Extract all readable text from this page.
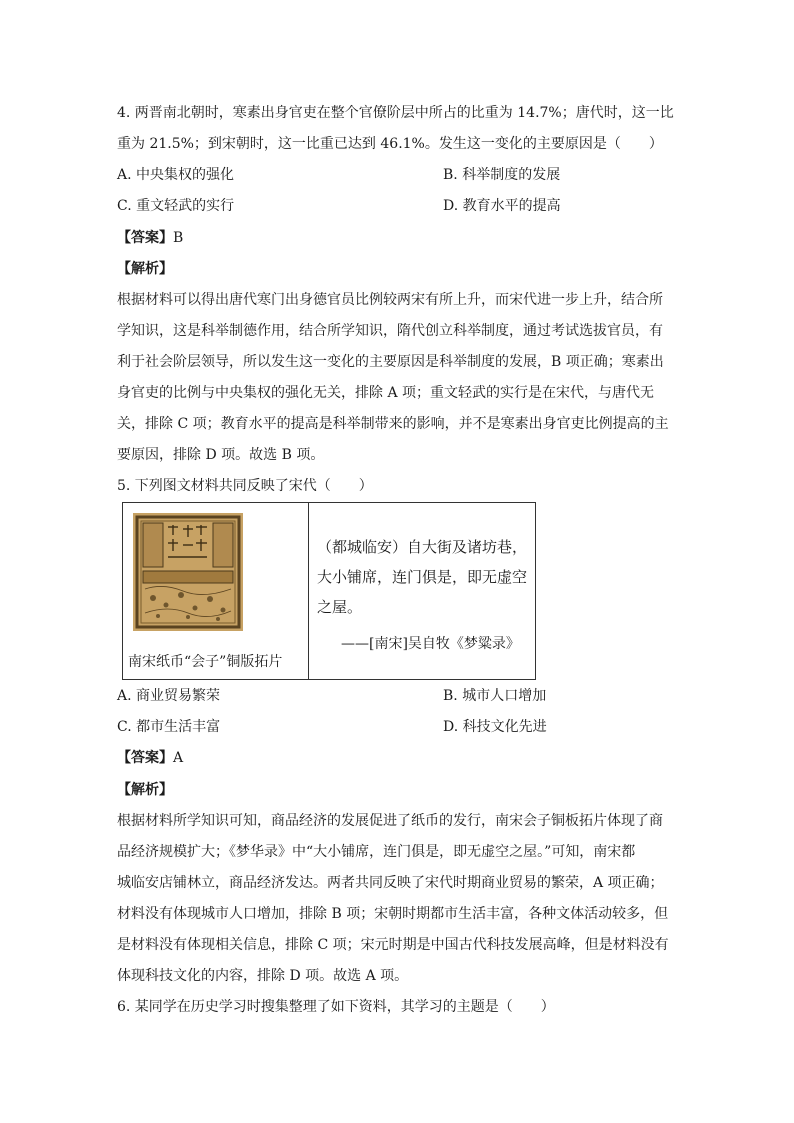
4. 两晋南北朝时，寒素出身官吏在整个官僚阶层中所占的比重为 14.7%；唐代时，这一比
重为 21.5%；到宋朝时，这一比重已达到 46.1%。发生这一变化的主要原因是（　　）
A. 中央集权的强化	B. 科举制度的发展
C. 重文轻武的实行	D. 教育水平的提高
【答案】B
【解析】
根据材料可以得出唐代寒门出身德官员比例较两宋有所上升，而宋代进一步上升，结合所
学知识，这是科举制德作用，结合所学知识，隋代创立科举制度，通过考试选拔官员，有
利于社会阶层领导，所以发生这一变化的主要原因是科举制度的发展，B 项正确；寒素出
身官吏的比例与中央集权的强化无关，排除 A 项；重文轻武的实行是在宋代，与唐代无
关，排除 C 项；教育水平的提高是科举制带来的影响，并不是寒素出身官吏比例提高的主
要原因，排除 D 项。故选 B 项。
5. 下列图文材料共同反映了宋代（　　）
南宋纸币“会子”铜版拓片

（都城临安）自大街及诸坊巷，大小铺席，连门俱是，即无虚空之屋。
——[南宋]吴自牧《梦粱录》
A. 商业贸易繁荣	B. 城市人口增加
C. 都市生活丰富	D. 科技文化先进
【答案】A
【解析】
根据材料所学知识可知，商品经济的发展促进了纸币的发行，南宋会子铜板拓片体现了商
品经济规模扩大；《梦华录》中“大小铺席，连门俱是，即无虚空之屋。”可知，南宋都
城临安店铺林立，商品经济发达。两者共同反映了宋代时期商业贸易的繁荣，A 项正确；
材料没有体现城市人口增加，排除 B 项；宋朝时期都市生活丰富，各种文体活动较多，但
是材料没有体现相关信息，排除 C 项；宋元时期是中国古代科技发展高峰，但是材料没有
体现科技文化的内容，排除 D 项。故选 A 项。
6. 某同学在历史学习时搜集整理了如下资料，其学习的主题是（　　）
